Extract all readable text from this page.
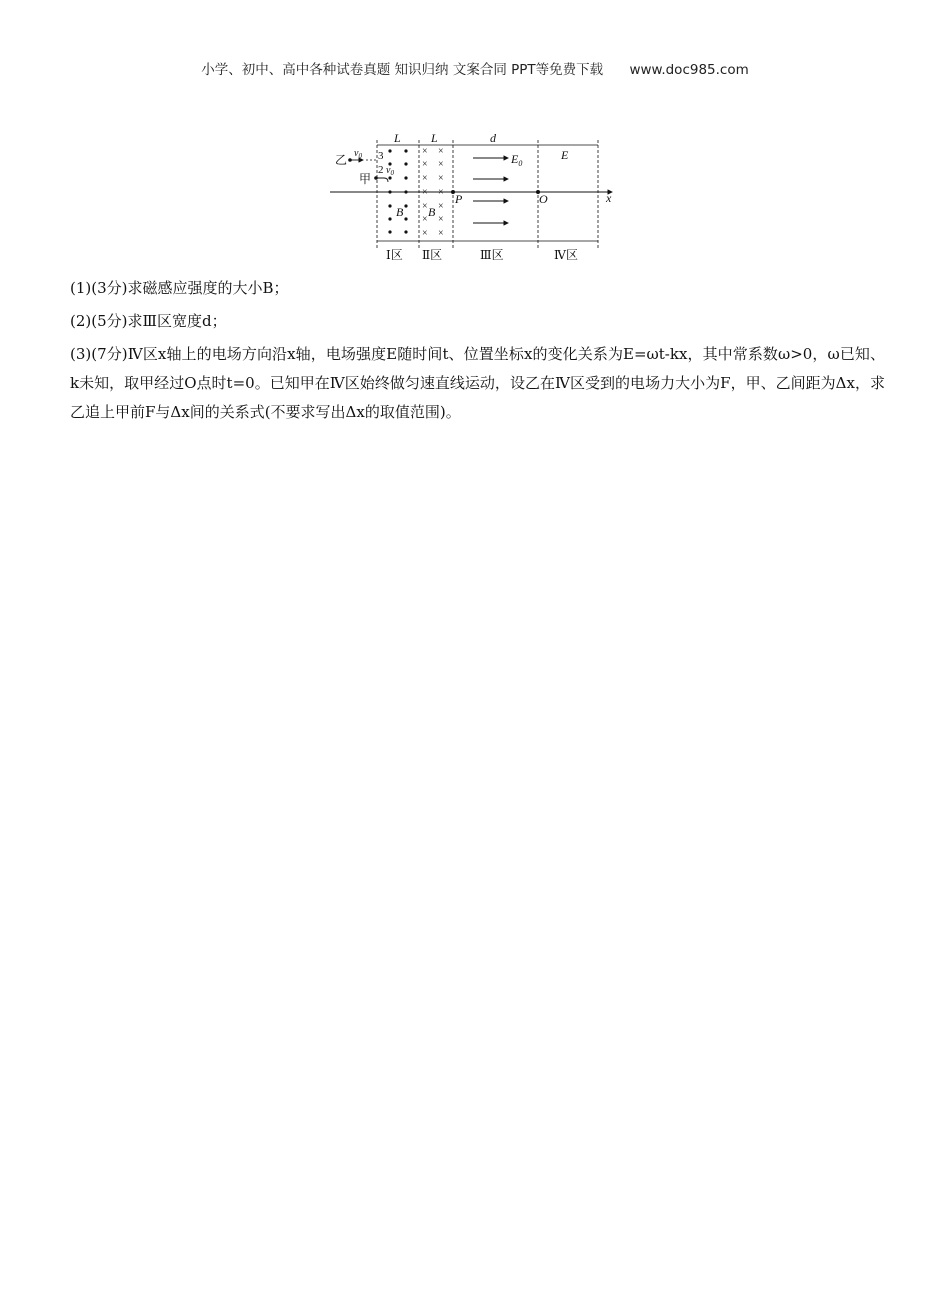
小学、初中、高中各种试卷真题 知识归纳 文案合同 PPT等免费下载 www.doc985.com
L	L	d
x
× ×
× ×
× ×
× ×
× ×
× ×
× ×
B B
$E_0$
E
P	O
乙 $v_0$ 3
2 $v_0$
甲
Ⅰ区 Ⅱ区	Ⅲ区	Ⅳ区
(1)(3分)求磁感应强度的大小B；
(2)(5分)求Ⅲ区宽度d；
(3)(7分)Ⅳ区x轴上的电场方向沿x轴，电场强度E随时间t、位置坐标x的变化关系为E=ωt-kx，其中常系数ω>0，ω已知、k未知，取甲经过O点时t=0。已知甲在Ⅳ区始终做匀速直线运动，设乙在Ⅳ区受到的电场力大小为F，甲、乙间距为Δx，求乙追上甲前F与Δx间的关系式(不要求写出Δx的取值范围)。
